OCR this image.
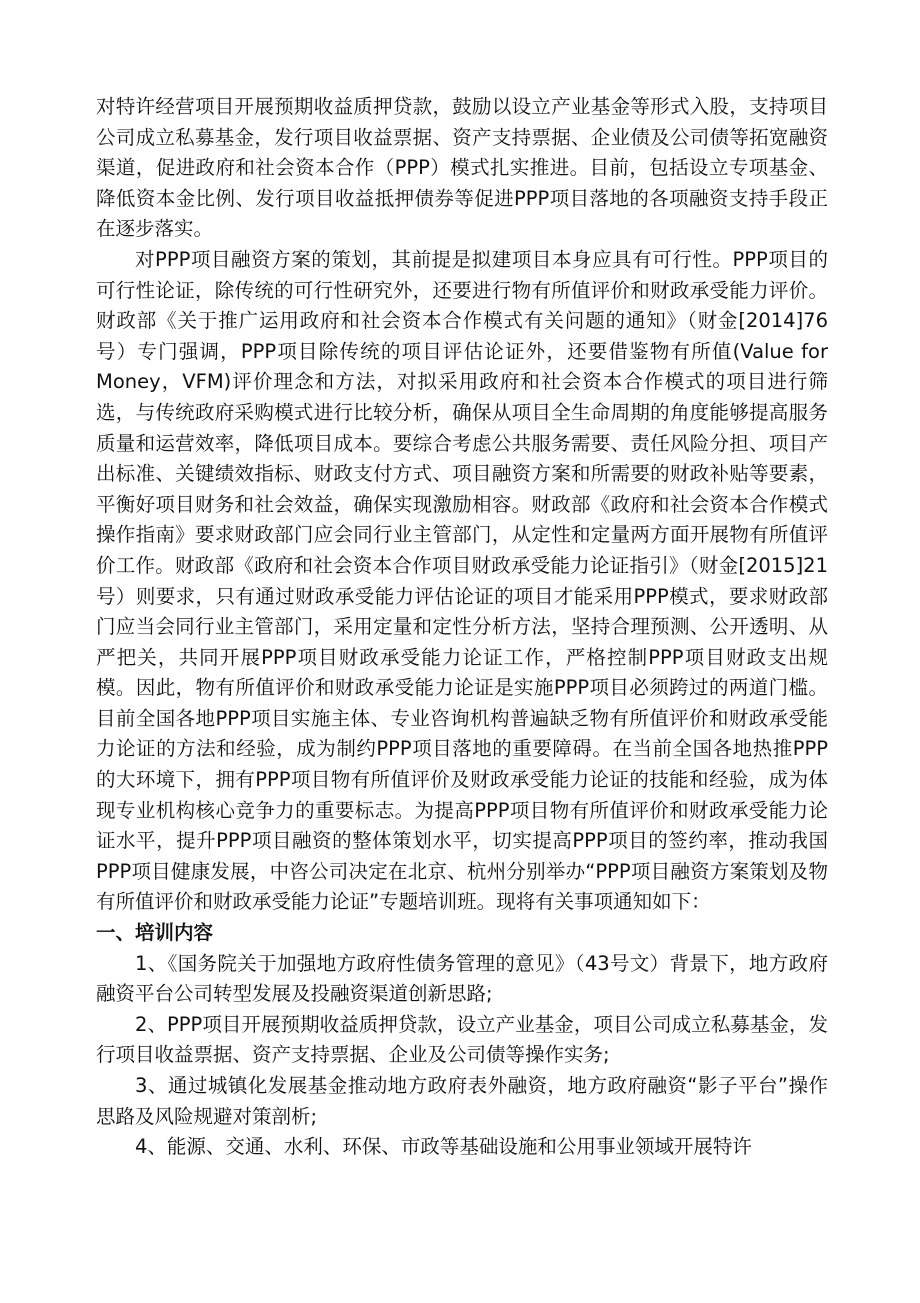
对特许经营项目开展预期收益质押贷款，鼓励以设立产业基金等形式入股，支持项目公司成立私募基金，发行项目收益票据、资产支持票据、企业债及公司债等拓宽融资渠道，促进政府和社会资本合作（PPP）模式扎实推进。目前，包括设立专项基金、降低资本金比例、发行项目收益抵押债券等促进PPP项目落地的各项融资支持手段正在逐步落实。

对PPP项目融资方案的策划，其前提是拟建项目本身应具有可行性。PPP项目的可行性论证，除传统的可行性研究外，还要进行物有所值评价和财政承受能力评价。财政部《关于推广运用政府和社会资本合作模式有关问题的通知》（财金[2014]76号）专门强调，PPP项目除传统的项目评估论证外，还要借鉴物有所值(Value for Money，VFM)评价理念和方法，对拟采用政府和社会资本合作模式的项目进行筛选，与传统政府采购模式进行比较分析，确保从项目全生命周期的角度能够提高服务质量和运营效率，降低项目成本。要综合考虑公共服务需要、责任风险分担、项目产出标准、关键绩效指标、财政支付方式、项目融资方案和所需要的财政补贴等要素，平衡好项目财务和社会效益，确保实现激励相容。财政部《政府和社会资本合作模式操作指南》要求财政部门应会同行业主管部门，从定性和定量两方面开展物有所值评价工作。财政部《政府和社会资本合作项目财政承受能力论证指引》（财金[2015]21号）则要求，只有通过财政承受能力评估论证的项目才能采用PPP模式，要求财政部门应当会同行业主管部门，采用定量和定性分析方法，坚持合理预测、公开透明、从严把关，共同开展PPP项目财政承受能力论证工作，严格控制PPP项目财政支出规模。因此，物有所值评价和财政承受能力论证是实施PPP项目必须跨过的两道门槛。目前全国各地PPP项目实施主体、专业咨询机构普遍缺乏物有所值评价和财政承受能力论证的方法和经验，成为制约PPP项目落地的重要障碍。在当前全国各地热推PPP的大环境下，拥有PPP项目物有所值评价及财政承受能力论证的技能和经验，成为体现专业机构核心竞争力的重要标志。为提高PPP项目物有所值评价和财政承受能力论证水平，提升PPP项目融资的整体策划水平，切实提高PPP项目的签约率，推动我国PPP项目健康发展，中咨公司决定在北京、杭州分别举办“PPP项目融资方案策划及物有所值评价和财政承受能力论证”专题培训班。现将有关事项通知如下：

一、培训内容

1、《国务院关于加强地方政府性债务管理的意见》（43号文）背景下，地方政府融资平台公司转型发展及投融资渠道创新思路;

2、PPP项目开展预期收益质押贷款，设立产业基金，项目公司成立私募基金，发行项目收益票据、资产支持票据、企业及公司债等操作实务;

3、通过城镇化发展基金推动地方政府表外融资，地方政府融资“影子平台”操作思路及风险规避对策剖析;

4、能源、交通、水利、环保、市政等基础设施和公用事业领域开展特许
